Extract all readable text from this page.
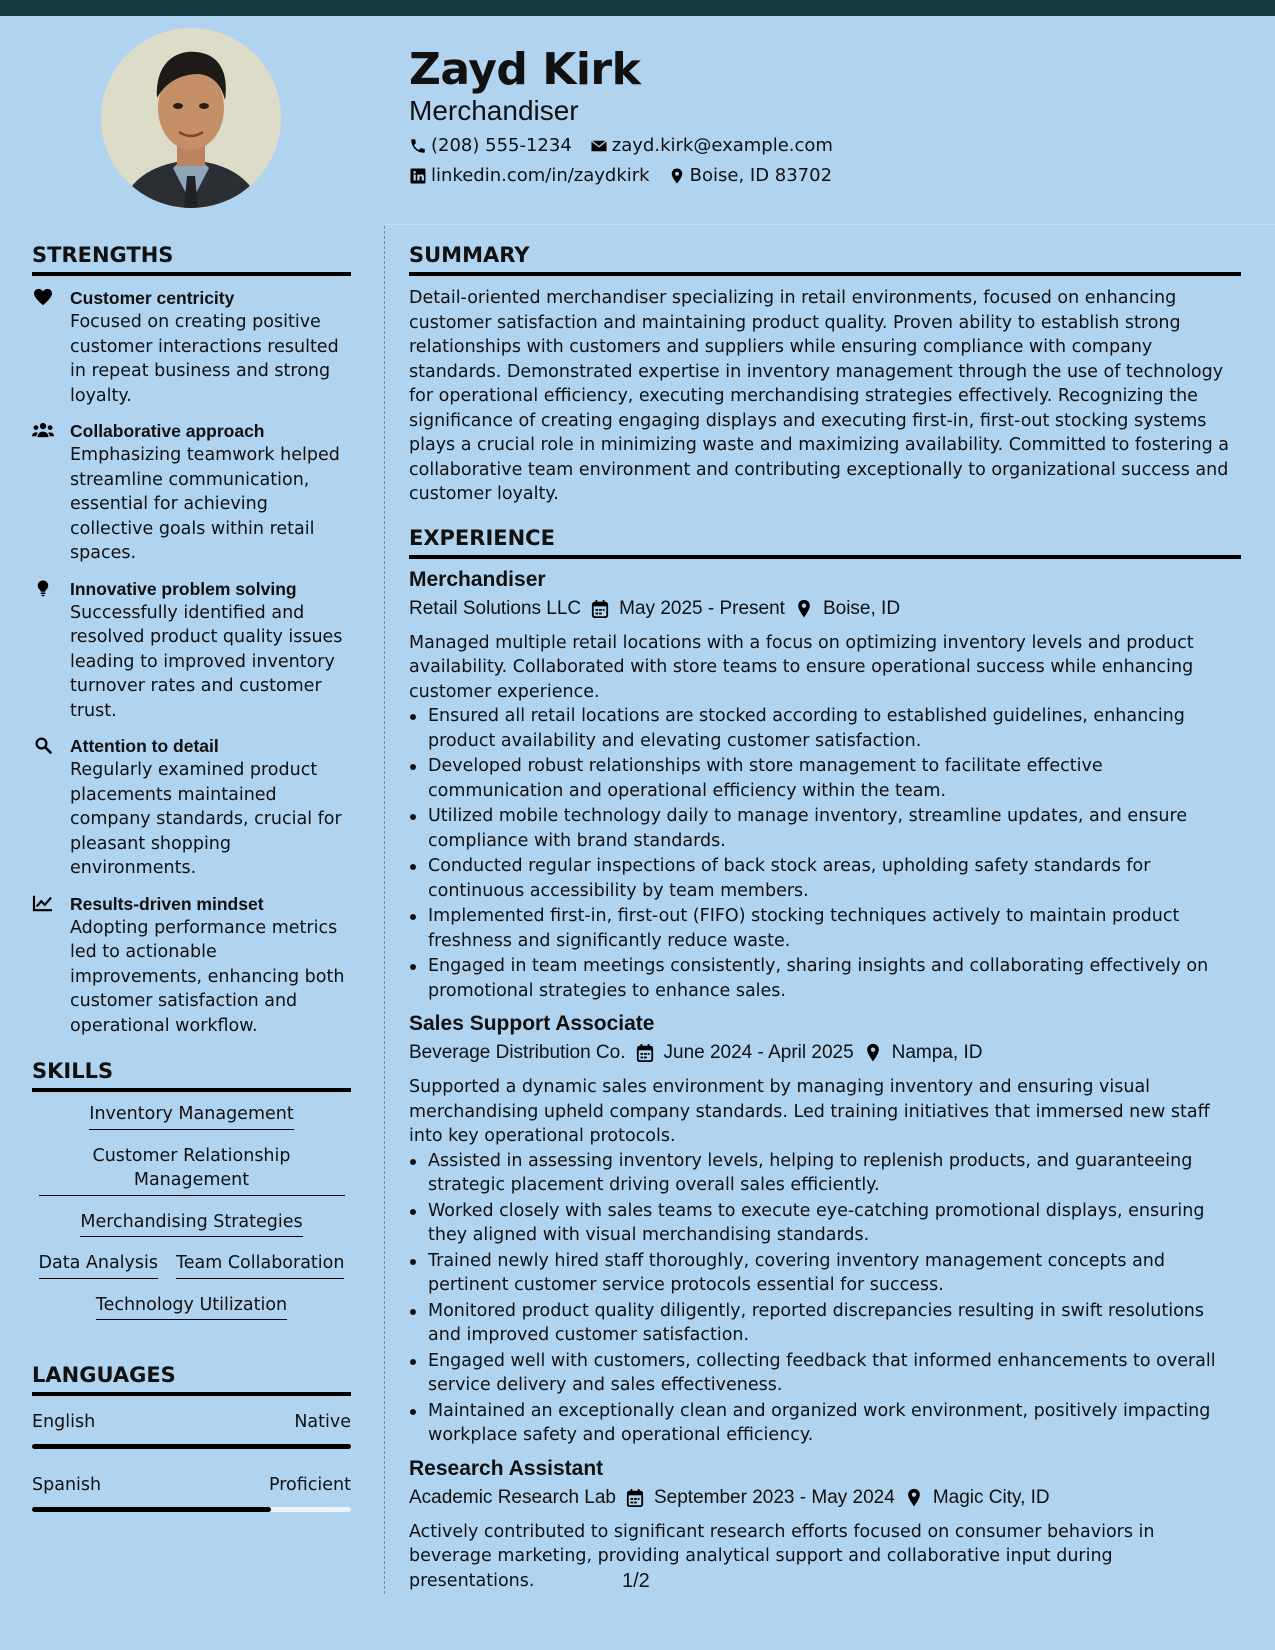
Zayd Kirk
Merchandiser
(208) 555-1234 zayd.kirk@example.com
linkedin.com/in/zaydkirk Boise, ID 83702
STRENGTHS
Customer centricity
Focused on creating positive customer interactions resulted in repeat business and strong loyalty.
Collaborative approach
Emphasizing teamwork helped streamline communication, essential for achieving collective goals within retail spaces.
Innovative problem solving
Successfully identified and resolved product quality issues leading to improved inventory turnover rates and customer trust.
Attention to detail
Regularly examined product placements maintained company standards, crucial for pleasant shopping environments.
Results-driven mindset
Adopting performance metrics led to actionable improvements, enhancing both customer satisfaction and operational workflow.
SKILLS
Inventory Management
Customer Relationship Management
Merchandising Strategies
Data Analysis Team Collaboration
Technology Utilization
LANGUAGES
English	Native
Spanish	Proficient
SUMMARY
Detail-oriented merchandiser specializing in retail environments, focused on enhancing customer satisfaction and maintaining product quality. Proven ability to establish strong relationships with customers and suppliers while ensuring compliance with company standards. Demonstrated expertise in inventory management through the use of technology for operational efficiency, executing merchandising strategies effectively. Recognizing the significance of creating engaging displays and executing first-in, first-out stocking systems plays a crucial role in minimizing waste and maximizing availability. Committed to fostering a collaborative team environment and contributing exceptionally to organizational success and customer loyalty.
EXPERIENCE
Merchandiser
Retail Solutions LLC May 2025 - Present Boise, ID
Managed multiple retail locations with a focus on optimizing inventory levels and product availability. Collaborated with store teams to ensure operational success while enhancing customer experience.
Ensured all retail locations are stocked according to established guidelines, enhancing product availability and elevating customer satisfaction.
Developed robust relationships with store management to facilitate effective communication and operational efficiency within the team.
Utilized mobile technology daily to manage inventory, streamline updates, and ensure compliance with brand standards.
Conducted regular inspections of back stock areas, upholding safety standards for continuous accessibility by team members.
Implemented first-in, first-out (FIFO) stocking techniques actively to maintain product freshness and significantly reduce waste.
Engaged in team meetings consistently, sharing insights and collaborating effectively on promotional strategies to enhance sales.
Sales Support Associate
Beverage Distribution Co. June 2024 - April 2025 Nampa, ID
Supported a dynamic sales environment by managing inventory and ensuring visual merchandising upheld company standards. Led training initiatives that immersed new staff into key operational protocols.
Assisted in assessing inventory levels, helping to replenish products, and guaranteeing strategic placement driving overall sales efficiently.
Worked closely with sales teams to execute eye-catching promotional displays, ensuring they aligned with visual merchandising standards.
Trained newly hired staff thoroughly, covering inventory management concepts and pertinent customer service protocols essential for success.
Monitored product quality diligently, reported discrepancies resulting in swift resolutions and improved customer satisfaction.
Engaged well with customers, collecting feedback that informed enhancements to overall service delivery and sales effectiveness.
Maintained an exceptionally clean and organized work environment, positively impacting workplace safety and operational efficiency.
Research Assistant
Academic Research Lab September 2023 - May 2024 Magic City, ID
Actively contributed to significant research efforts focused on consumer behaviors in beverage marketing, providing analytical support and collaborative input during presentations.	1/2
